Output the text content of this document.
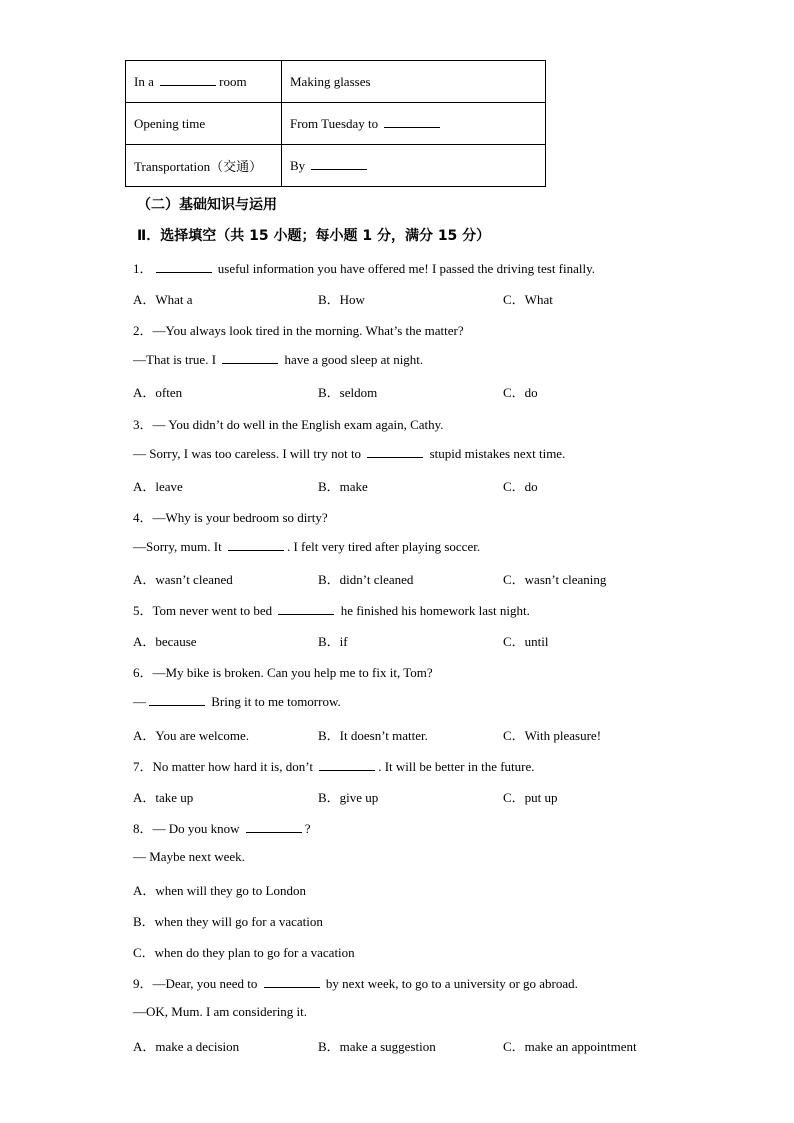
In a room	Making glasses
Opening time	From Tuesday to
Transportation（交通）	By
（二）基础知识与运用
Ⅱ．选择填空（共 15 小题；每小题 1 分，满分 15 分）
1．	useful information you have offered me! I passed the driving test finally.
A．What a	B．How	C．What
2．—You always look tired in the morning. What’s the matter?
—That is true. I	have a good sleep at night.
A．often	B．seldom	C．do
3．— You didn’t do well in the English exam again, Cathy.
— Sorry, I was too careless. I will try not to	stupid mistakes next time.
A．leave	B．make	C．do
4．—Why is your bedroom so dirty?
—Sorry, mum. It	. I felt very tired after playing soccer.
A．wasn’t cleaned	B．didn’t cleaned	C．wasn’t cleaning
5．Tom never went to bed	he finished his homework last night.
A．because	B．if	C．until
6．—My bike is broken. Can you help me to fix it, Tom?
—	Bring it to me tomorrow.
A．You are welcome.	B．It doesn’t matter.	C．With pleasure!
7．No matter how hard it is, don’t	. It will be better in the future.
A．take up	B．give up	C．put up
8．— Do you know	?
— Maybe next week.
A．when will they go to London
B．when they will go for a vacation
C．when do they plan to go for a vacation
9．—Dear, you need to	by next week, to go to a university or go abroad.
—OK, Mum. I am considering it.
A．make a decision	B．make a suggestion	C．make an appointment
